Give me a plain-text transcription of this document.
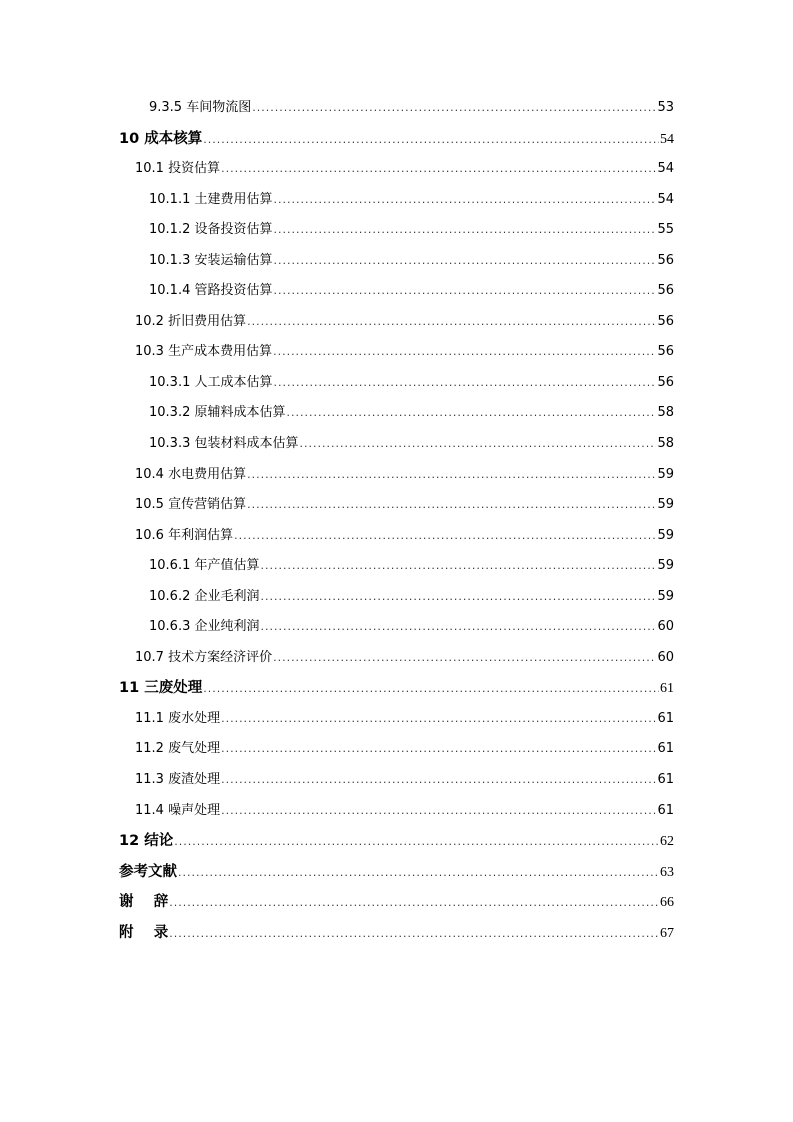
9.3.5 车间物流图 .....	53
10 成本核算 .....	54
10.1 投资估算 .....	54
10.1.1 土建费用估算 .....	54
10.1.2 设备投资估算 .....	55
10.1.3 安装运输估算 .....	56
10.1.4 管路投资估算 .....	56
10.2 折旧费用估算 .....	56
10.3 生产成本费用估算 .....	56
10.3.1 人工成本估算 .....	56
10.3.2 原辅料成本估算 .....	58
10.3.3 包装材料成本估算 .....	58
10.4 水电费用估算 .....	59
10.5 宣传营销估算 .....	59
10.6 年利润估算 .....	59
10.6.1 年产值估算 .....	59
10.6.2 企业毛利润 .....	59
10.6.3 企业纯利润 .....	60
10.7 技术方案经济评价 .....	60
11 三废处理 .....	61
11.1 废水处理 .....	61
11.2 废气处理 .....	61
11.3 废渣处理 .....	61
11.4 噪声处理 .....	61
12 结论 .....	62
参考文献 .....	63
谢    辞 .....	66
附    录 .....	67
